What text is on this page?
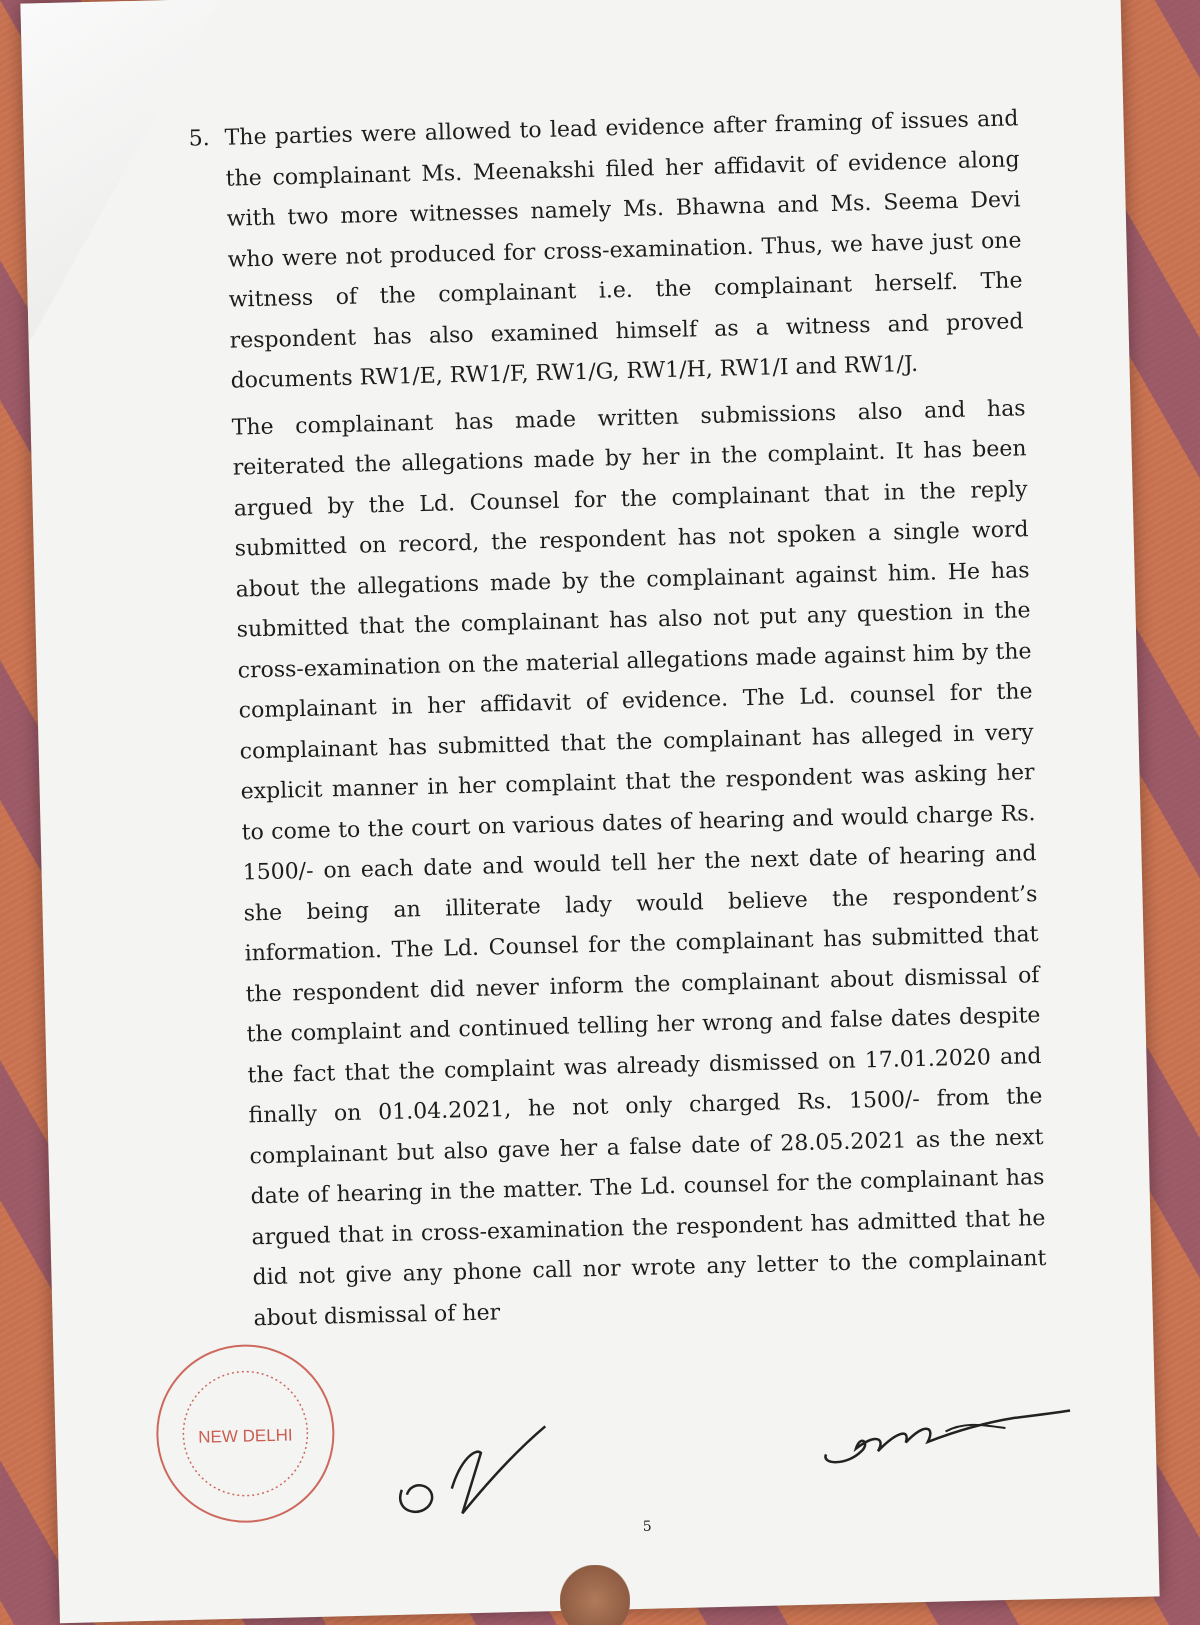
5. The parties were allowed to lead evidence after framing of issues and the complainant Ms. Meenakshi filed her affidavit of evidence along with two more witnesses namely Ms. Bhawna and Ms. Seema Devi who were not produced for cross-examination. Thus, we have just one witness of the complainant i.e. the complainant herself. The respondent has also examined himself as a witness and proved documents RW1/E, RW1/F, RW1/G, RW1/H, RW1/I and RW1/J.

The complainant has made written submissions also and has reiterated the allegations made by her in the complaint. It has been argued by the Ld. Counsel for the complainant that in the reply submitted on record, the respondent has not spoken a single word about the allegations made by the complainant against him. He has submitted that the complainant has also not put any question in the cross-examination on the material allegations made against him by the complainant in her affidavit of evidence. The Ld. counsel for the complainant has submitted that the complainant has alleged in very explicit manner in her complaint that the respondent was asking her to come to the court on various dates of hearing and would charge Rs. 1500/- on each date and would tell her the next date of hearing and she being an illiterate lady would believe the respondent’s information. The Ld. Counsel for the complainant has submitted that the respondent did never inform the complainant about dismissal of the complaint and continued telling her wrong and false dates despite the fact that the complaint was already dismissed on 17.01.2020 and finally on 01.04.2021, he not only charged Rs. 1500/- from the complainant but also gave her a false date of 28.05.2021 as the next date of hearing in the matter. The Ld. counsel for the complainant has argued that in cross-examination the respondent has admitted that he did not give any phone call nor wrote any letter to the complainant about dismissal of her

5
NEW DELHI
